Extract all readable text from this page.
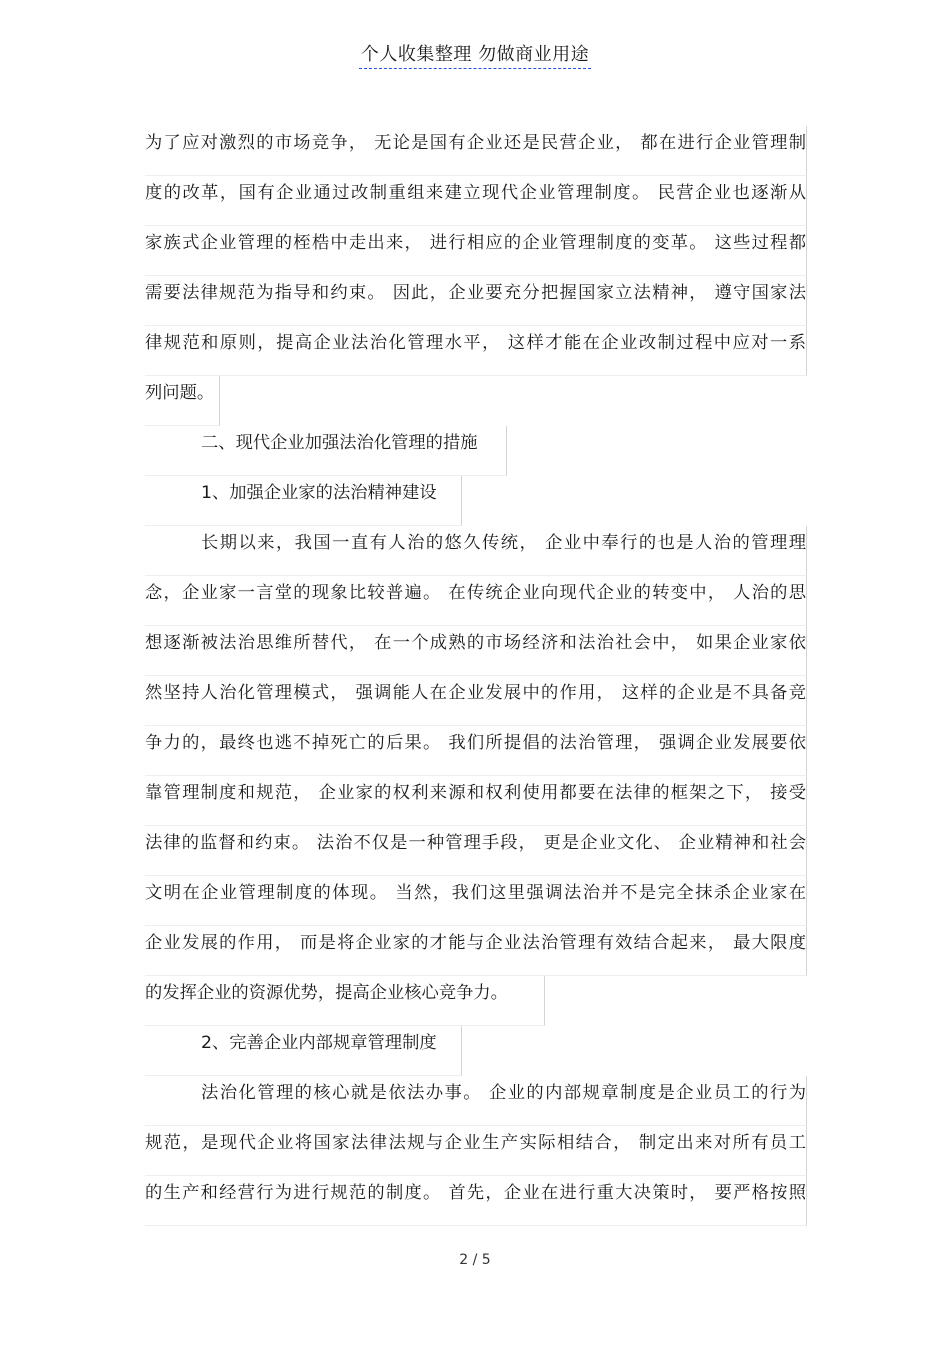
个人收集整理 勿做商业用途
为了应对激烈的市场竞争， 无论是国有企业还是民营企业， 都在进行企业管理制
度的改革，国有企业通过改制重组来建立现代企业管理制度。 民营企业也逐渐从
家族式企业管理的桎梏中走出来， 进行相应的企业管理制度的变革。 这些过程都
需要法律规范为指导和约束。 因此，企业要充分把握国家立法精神， 遵守国家法
律规范和原则，提高企业法治化管理水平， 这样才能在企业改制过程中应对一系
列问题。
二、现代企业加强法治化管理的措施
1、加强企业家的法治精神建设
长期以来，我国一直有人治的悠久传统， 企业中奉行的也是人治的管理理
念，企业家一言堂的现象比较普遍。 在传统企业向现代企业的转变中， 人治的思
想逐渐被法治思维所替代， 在一个成熟的市场经济和法治社会中， 如果企业家依
然坚持人治化管理模式， 强调能人在企业发展中的作用， 这样的企业是不具备竞
争力的，最终也逃不掉死亡的后果。 我们所提倡的法治管理， 强调企业发展要依
靠管理制度和规范， 企业家的权利来源和权利使用都要在法律的框架之下， 接受
法律的监督和约束。 法治不仅是一种管理手段， 更是企业文化、 企业精神和社会
文明在企业管理制度的体现。 当然，我们这里强调法治并不是完全抹杀企业家在
企业发展的作用， 而是将企业家的才能与企业法治管理有效结合起来， 最大限度
的发挥企业的资源优势，提高企业核心竞争力。
2、完善企业内部规章管理制度
法治化管理的核心就是依法办事。 企业的内部规章制度是企业员工的行为
规范，是现代企业将国家法律法规与企业生产实际相结合， 制定出来对所有员工
的生产和经营行为进行规范的制度。 首先，企业在进行重大决策时， 要严格按照
2 / 5
